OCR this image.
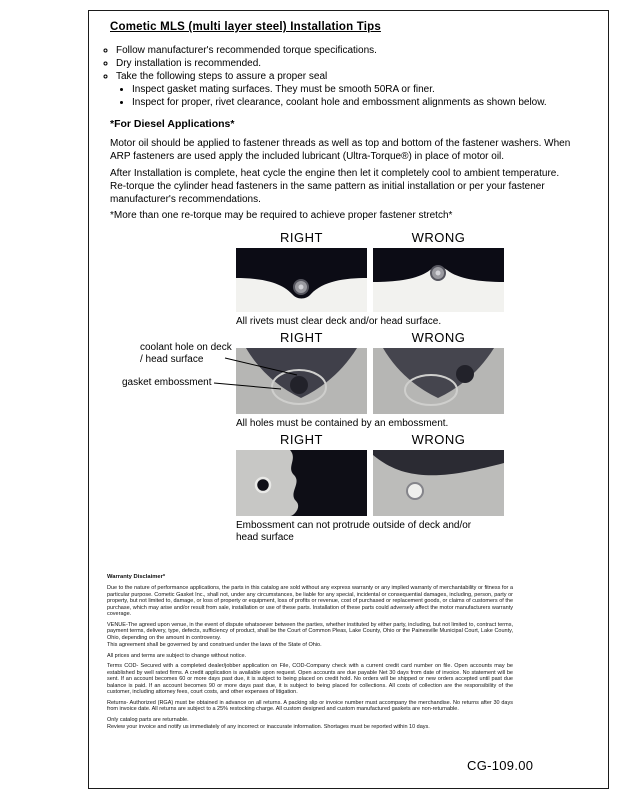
Cometic MLS (multi layer steel) Installation Tips
◦ Follow manufacturer's recommended torque specifications.
◦ Dry installation is recommended.
◦ Take the following steps to assure a proper seal
• Inspect gasket mating surfaces. They must be smooth 50RA or finer.
• Inspect for proper, rivet clearance, coolant hole and embossment alignments as shown below.
*For Diesel Applications*

Motor oil should be applied to fastener threads as well as top and bottom of the fastener washers. When ARP fasteners are used apply the included lubricant (Ultra-Torque®) in place of motor oil.

After Installation is complete, heat cycle the engine then let it completely cool to ambient temperature. Re-torque the cylinder head fasteners in the same pattern as initial installation or per your fastener manufacturer's recommendations.

*More than one re-torque may be required to achieve proper fastener stretch*

RIGHT	WRONG

All rivets must clear deck and/or head surface.

RIGHT	WRONG

All holes must be contained by an embossment.

coolant hole on deck / head surface
gasket embossment
RIGHT	WRONG

Embossment can not protrude outside of deck and/or head surface

Warranty Disclaimer*

Due to the nature of performance applications, the parts in this catalog are sold without any express warranty or any implied warranty of merchantability or fitness for a particular purpose. Cometic Gasket Inc., shall not, under any circumstances, be liable for any special, incidental or consequential damages, including, person, party or property, but not limited to, damage, or loss of property or equipment, loss of profits or revenue, cost of purchased or replacement goods, or claims of customers of the purchase, which may arise and/or result from sale, installation or use of these parts. Installation of these parts could adversely affect the motor manufacturers warranty coverage.

VENUE-The agreed upon venue, in the event of dispute whatsoever between the parties, whether instituted by either party, including, but not limited to, contract terms, payment terms, delivery, type, defects, sufficiency of product, shall be the Court of Common Pleas, Lake County, Ohio or the Painesville Municipal Court, Lake County, Ohio, depending on the amount in controversy.

This agreement shall be governed by and construed under the laws of the State of Ohio.

All prices and terms are subject to change without notice.

Terms COD- Secured with a completed dealer/jobber application on File, COD-Company check with a current credit card number on file. Open accounts may be established by well rated firms. A credit application is available upon request. Open accounts are due payable Net 30 days from date of invoice. No statement will be sent. If an account becomes 60 or more days past due, it is subject to being placed on credit hold. No orders will be shipped or new orders accepted until past due balance is paid. If an account becomes 90 or more days past due, it is subject to being placed for collections. All costs of collection are the responsibility of the customer, including attorney fees, court costs, and other expenses of litigation.

Returns- Authorized (RGA) must be obtained in advance on all returns. A packing slip or invoice number must accompany the merchandise. No returns after 30 days from invoice date. All returns are subject to a 25% restocking charge. All custom designed and custom manufactured gaskets are non-returnable.

Only catalog parts are returnable.

Review your invoice and notify us immediately of any incorrect or inaccurate information. Shortages must be reported within 10 days.

CG-109.00
